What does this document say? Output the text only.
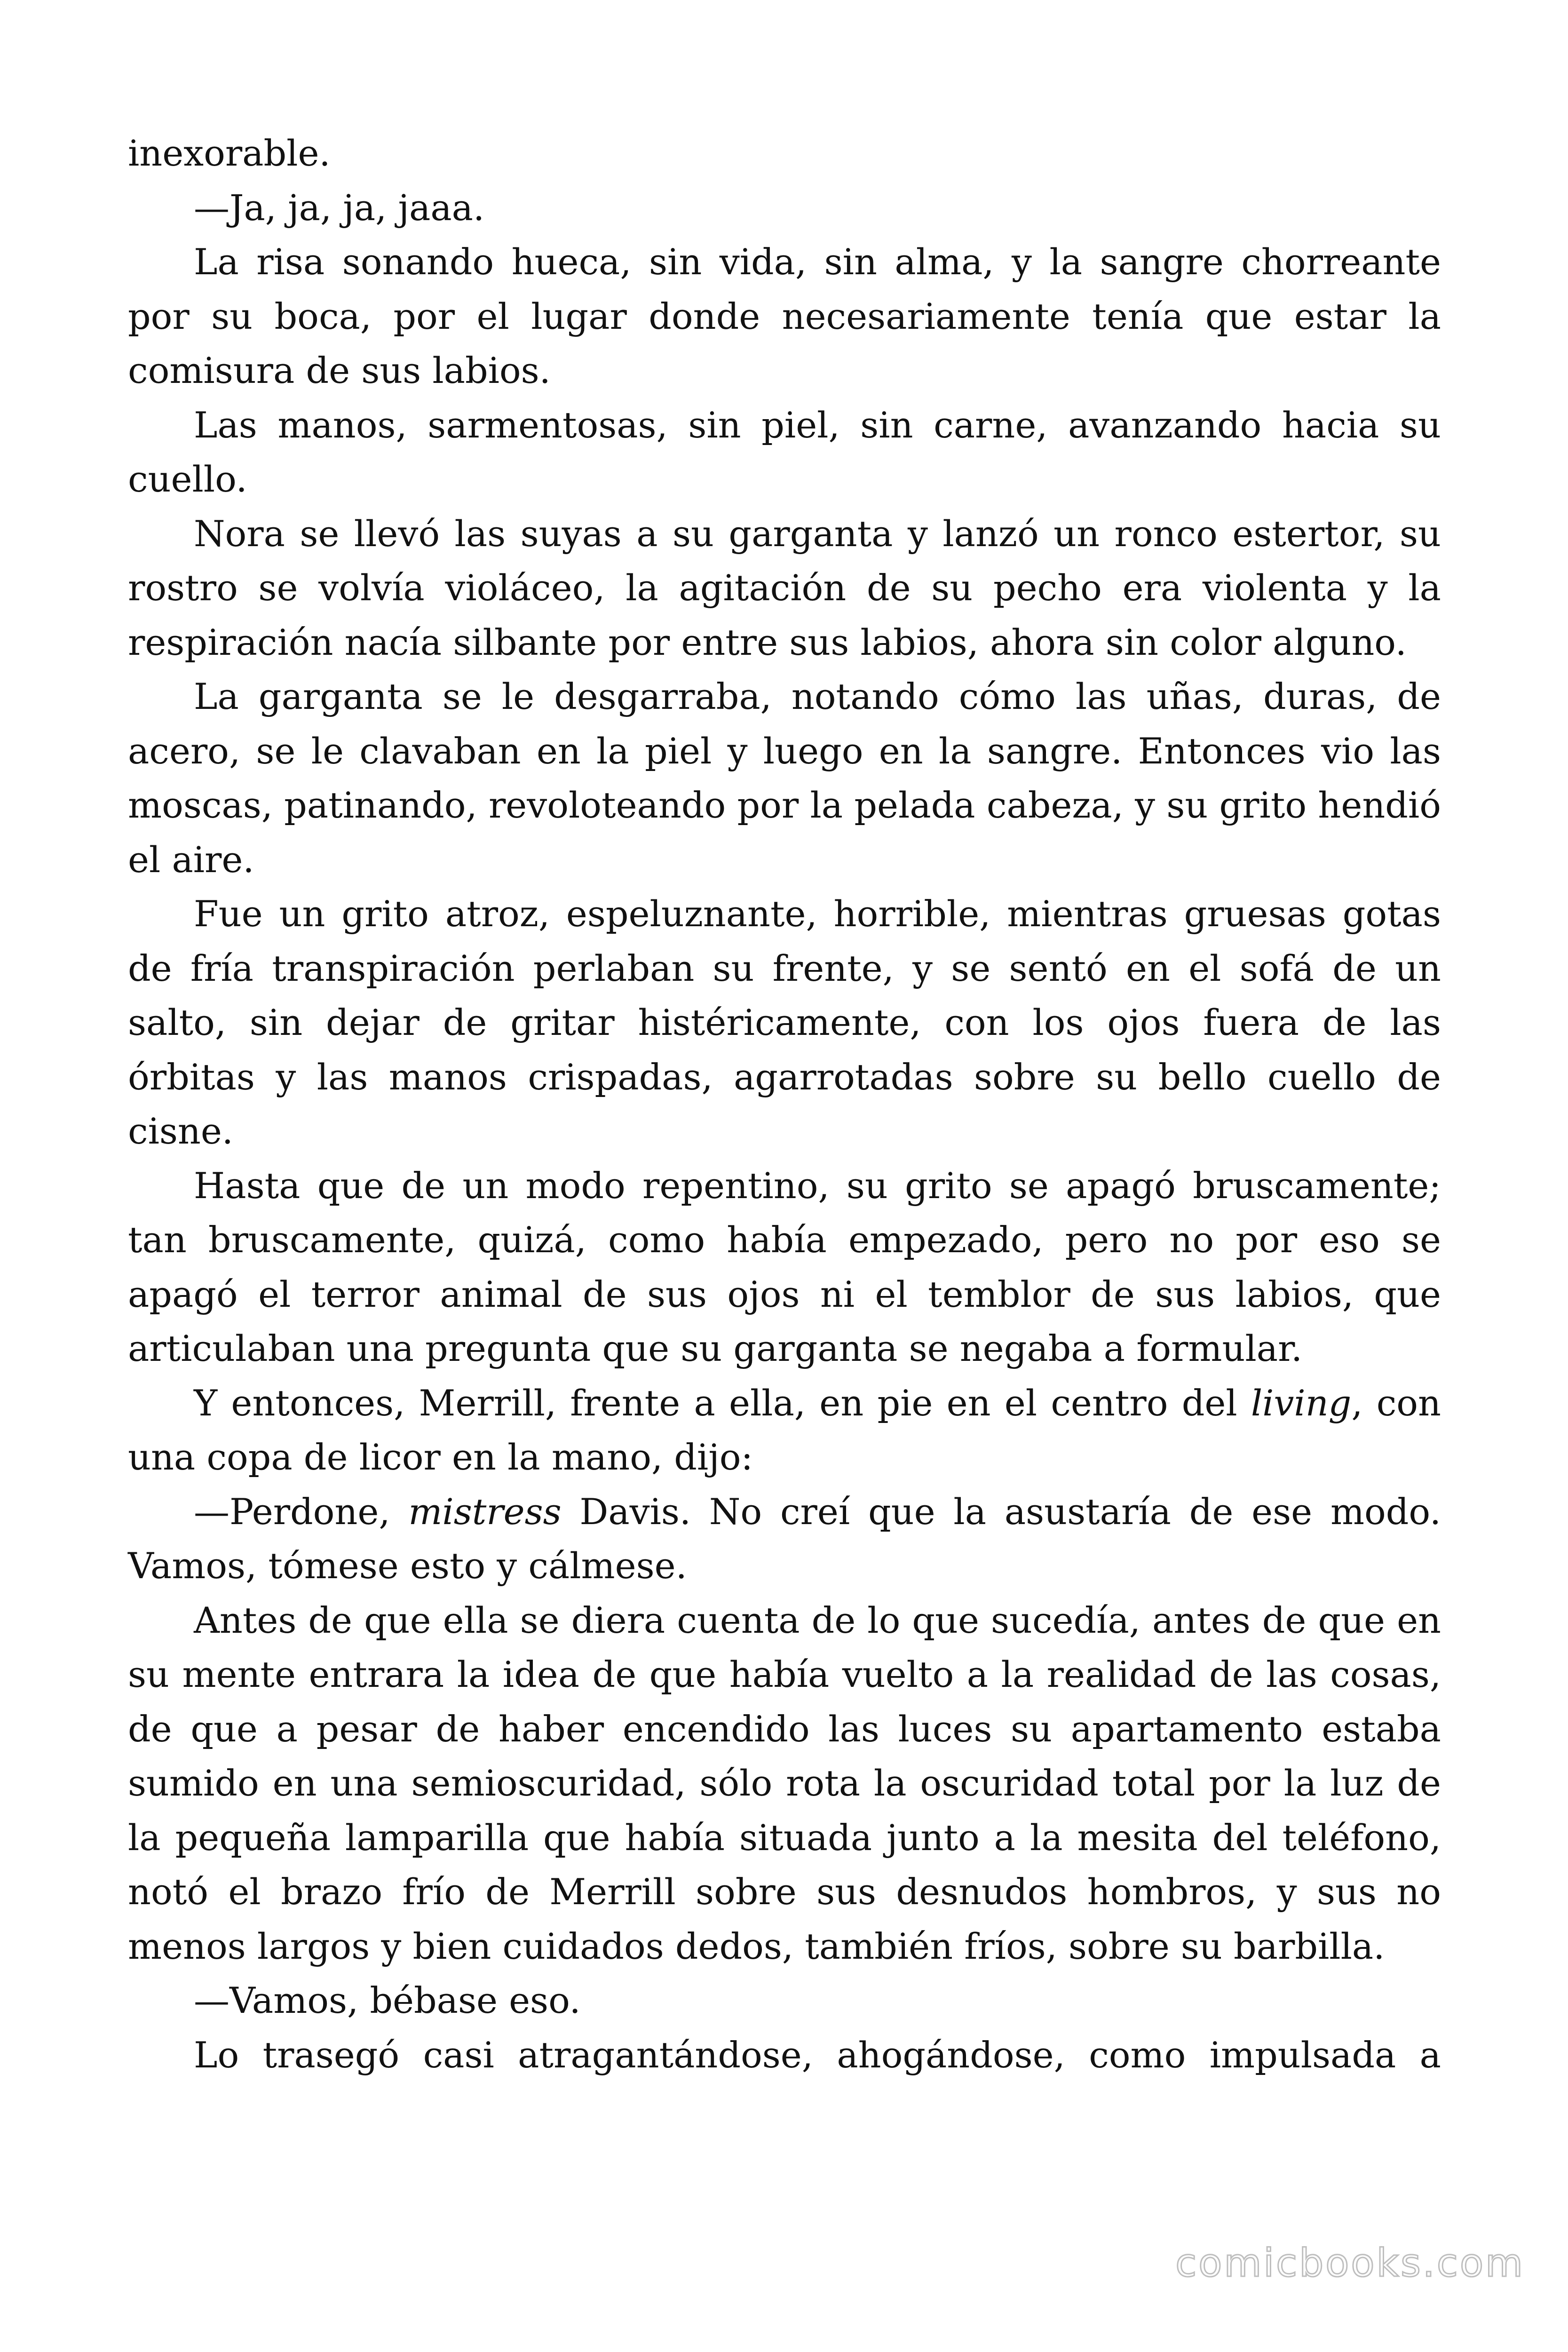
inexorable.

—Ja, ja, ja, jaaa.

La risa sonando hueca, sin vida, sin alma, y la sangre chorreante por su boca, por el lugar donde necesariamente tenía que estar la comisura de sus labios.

Las manos, sarmentosas, sin piel, sin carne, avanzando hacia su cuello.

Nora se llevó las suyas a su garganta y lanzó un ronco estertor, su rostro se volvía violáceo, la agitación de su pecho era violenta y la respiración nacía silbante por entre sus labios, ahora sin color alguno.

La garganta se le desgarraba, notando cómo las uñas, duras, de acero, se le clavaban en la piel y luego en la sangre. Entonces vio las moscas, patinando, revoloteando por la pelada cabeza, y su grito hendió el aire.

Fue un grito atroz, espeluznante, horrible, mientras gruesas gotas de fría transpiración perlaban su frente, y se sentó en el sofá de un salto, sin dejar de gritar histéricamente, con los ojos fuera de las órbitas y las manos crispadas, agarrotadas sobre su bello cuello de cisne.

Hasta que de un modo repentino, su grito se apagó bruscamente; tan bruscamente, quizá, como había empezado, pero no por eso se apagó el terror animal de sus ojos ni el temblor de sus labios, que articulaban una pregunta que su garganta se negaba a formular.

Y entonces, Merrill, frente a ella, en pie en el centro del living, con una copa de licor en la mano, dijo:

—Perdone, mistress Davis. No creí que la asustaría de ese modo. Vamos, tómese esto y cálmese.

Antes de que ella se diera cuenta de lo que sucedía, antes de que en su mente entrara la idea de que había vuelto a la realidad de las cosas, de que a pesar de haber encendido las luces su apartamento estaba sumido en una semioscuridad, sólo rota la oscuridad total por la luz de la pequeña lamparilla que había situada junto a la mesita del teléfono, notó el brazo frío de Merrill sobre sus desnudos hombros, y sus no menos largos y bien cuidados dedos, también fríos, sobre su barbilla.

—Vamos, bébase eso.

Lo trasegó casi atragantándose, ahogándose, como impulsada a

comicbooks.com
